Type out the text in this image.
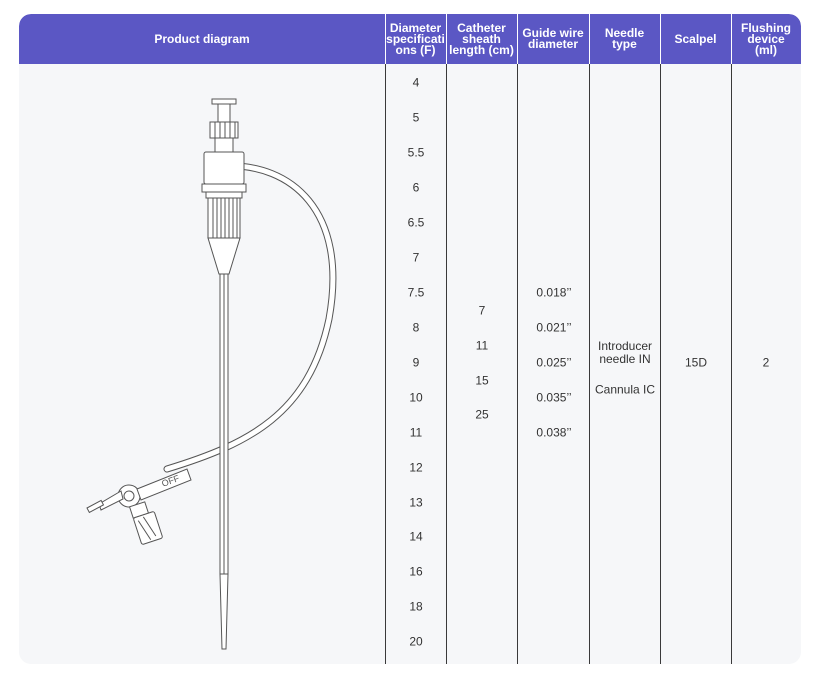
Product diagram
Diameter
specificati
ons (F)
Catheter
sheath
length (cm)
Guide wire
diameter
Needle
type	Scalpel
Flushing
device
(ml)
4
5
5.5
6
6.5
7
7.5
8
9
10
11
12
13
14
16
18
20
7
11
15
25
0.018’’
0.021’’
0.025’’
0.035’’
0.038’’
Introducer
needle IN
Cannula IC
15D	2
OFF
